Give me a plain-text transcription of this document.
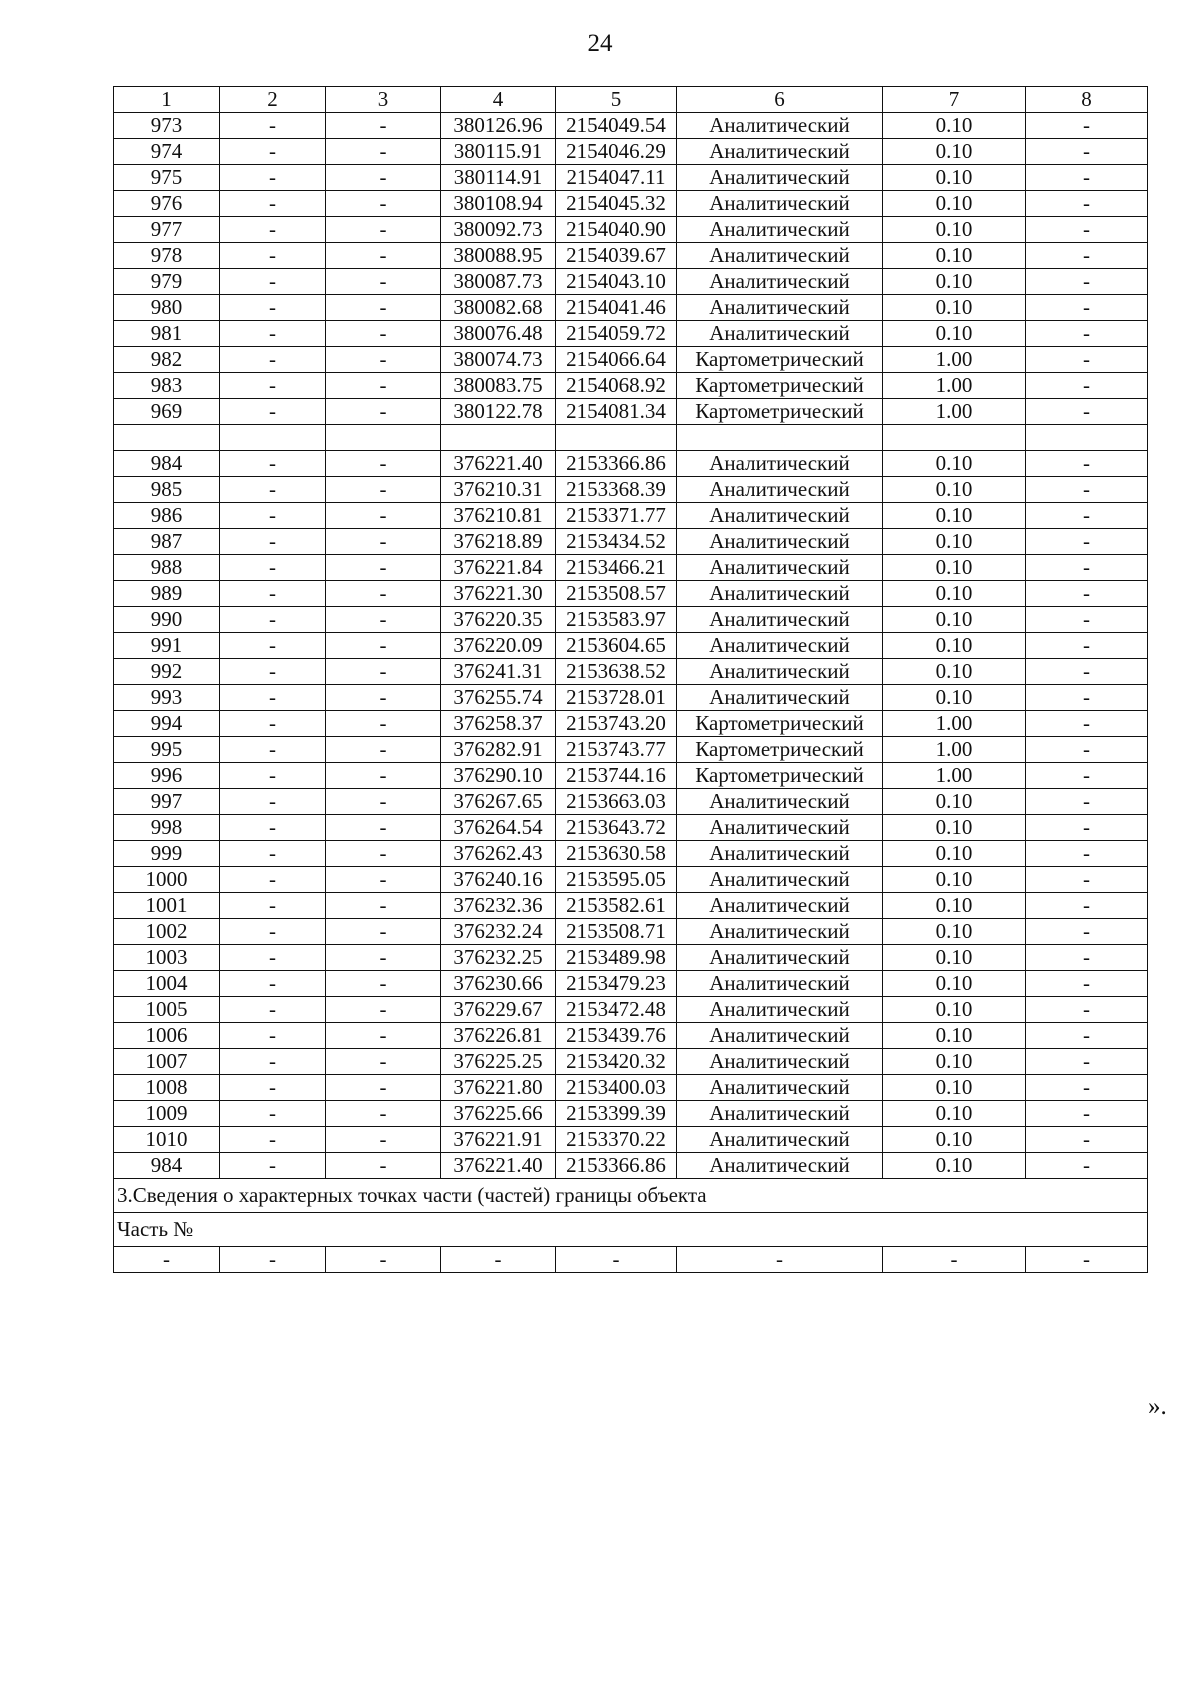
24
1	2	3	4	5	6	7	8
973	-	-	380126.96	2154049.54	Аналитический	0.10	-
974	-	-	380115.91	2154046.29	Аналитический	0.10	-
975	-	-	380114.91	2154047.11	Аналитический	0.10	-
976	-	-	380108.94	2154045.32	Аналитический	0.10	-
977	-	-	380092.73	2154040.90	Аналитический	0.10	-
978	-	-	380088.95	2154039.67	Аналитический	0.10	-
979	-	-	380087.73	2154043.10	Аналитический	0.10	-
980	-	-	380082.68	2154041.46	Аналитический	0.10	-
981	-	-	380076.48	2154059.72	Аналитический	0.10	-
982	-	-	380074.73	2154066.64	Картометрический	1.00	-
983	-	-	380083.75	2154068.92	Картометрический	1.00	-
969	-	-	380122.78	2154081.34	Картометрический	1.00	-

984	-	-	376221.40	2153366.86	Аналитический	0.10	-
985	-	-	376210.31	2153368.39	Аналитический	0.10	-
986	-	-	376210.81	2153371.77	Аналитический	0.10	-
987	-	-	376218.89	2153434.52	Аналитический	0.10	-
988	-	-	376221.84	2153466.21	Аналитический	0.10	-
989	-	-	376221.30	2153508.57	Аналитический	0.10	-
990	-	-	376220.35	2153583.97	Аналитический	0.10	-
991	-	-	376220.09	2153604.65	Аналитический	0.10	-
992	-	-	376241.31	2153638.52	Аналитический	0.10	-
993	-	-	376255.74	2153728.01	Аналитический	0.10	-
994	-	-	376258.37	2153743.20	Картометрический	1.00	-
995	-	-	376282.91	2153743.77	Картометрический	1.00	-
996	-	-	376290.10	2153744.16	Картометрический	1.00	-
997	-	-	376267.65	2153663.03	Аналитический	0.10	-
998	-	-	376264.54	2153643.72	Аналитический	0.10	-
999	-	-	376262.43	2153630.58	Аналитический	0.10	-
1000	-	-	376240.16	2153595.05	Аналитический	0.10	-
1001	-	-	376232.36	2153582.61	Аналитический	0.10	-
1002	-	-	376232.24	2153508.71	Аналитический	0.10	-
1003	-	-	376232.25	2153489.98	Аналитический	0.10	-
1004	-	-	376230.66	2153479.23	Аналитический	0.10	-
1005	-	-	376229.67	2153472.48	Аналитический	0.10	-
1006	-	-	376226.81	2153439.76	Аналитический	0.10	-
1007	-	-	376225.25	2153420.32	Аналитический	0.10	-
1008	-	-	376221.80	2153400.03	Аналитический	0.10	-
1009	-	-	376225.66	2153399.39	Аналитический	0.10	-
1010	-	-	376221.91	2153370.22	Аналитический	0.10	-
984	-	-	376221.40	2153366.86	Аналитический	0.10	-
3.Сведения о характерных точках части (частей) границы объекта							
Часть №							
-	-	-	-	-	-	-	-
».
